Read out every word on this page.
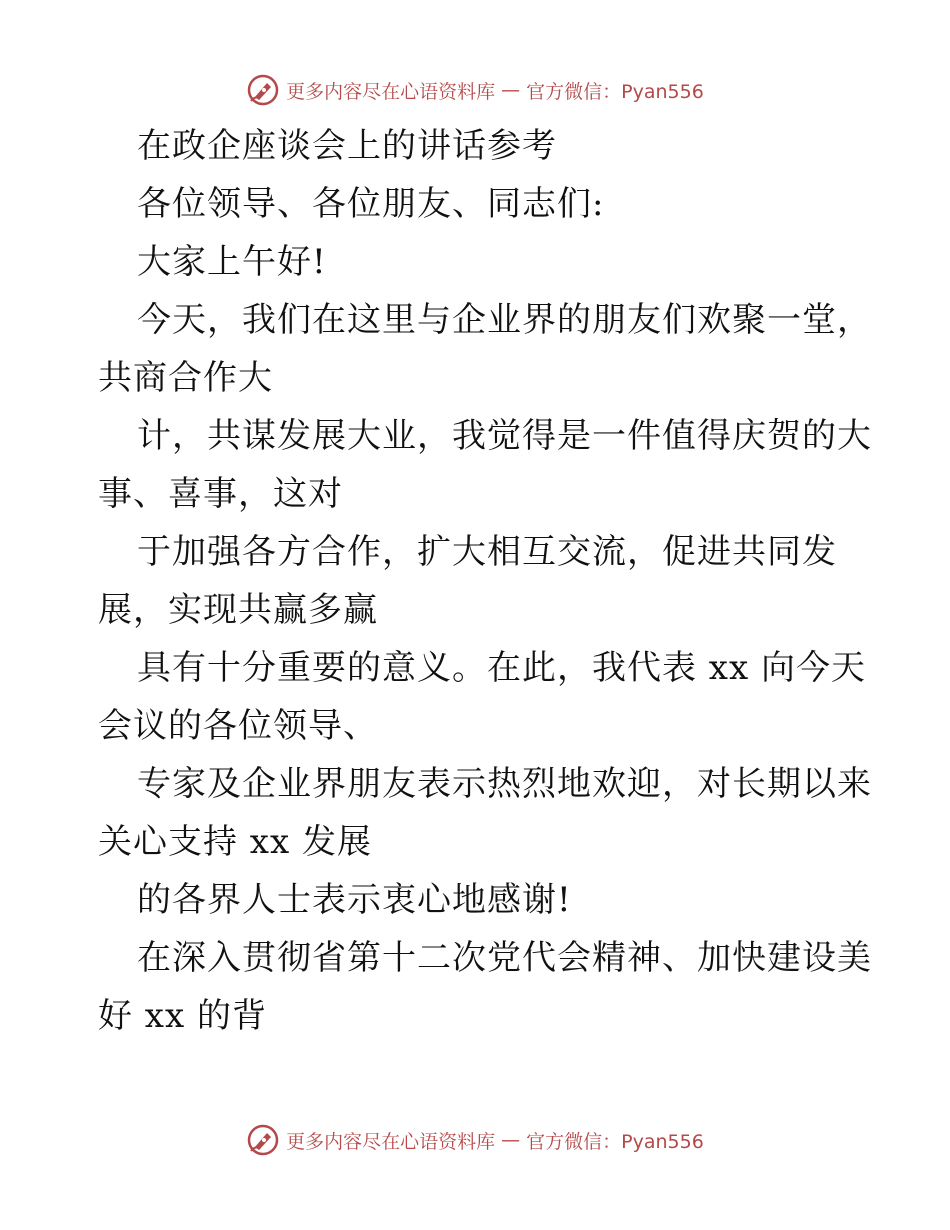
更多内容尽在心语资料库 — 官方微信：Pyan556
在政企座谈会上的讲话参考
各位领导、各位朋友、同志们:
大家上午好!
今天，我们在这里与企业界的朋友们欢聚一堂，
共商合作大
计，共谋发展大业，我觉得是一件值得庆贺的大
事、喜事，这对
于加强各方合作，扩大相互交流，促进共同发
展，实现共赢多赢
具有十分重要的意义。在此，我代表 xx 向今天
会议的各位领导、
专家及企业界朋友表示热烈地欢迎，对长期以来
关心支持 xx 发展
的各界人士表示衷心地感谢!
在深入贯彻省第十二次党代会精神、加快建设美
好 xx 的背
更多内容尽在心语资料库 — 官方微信：Pyan556
